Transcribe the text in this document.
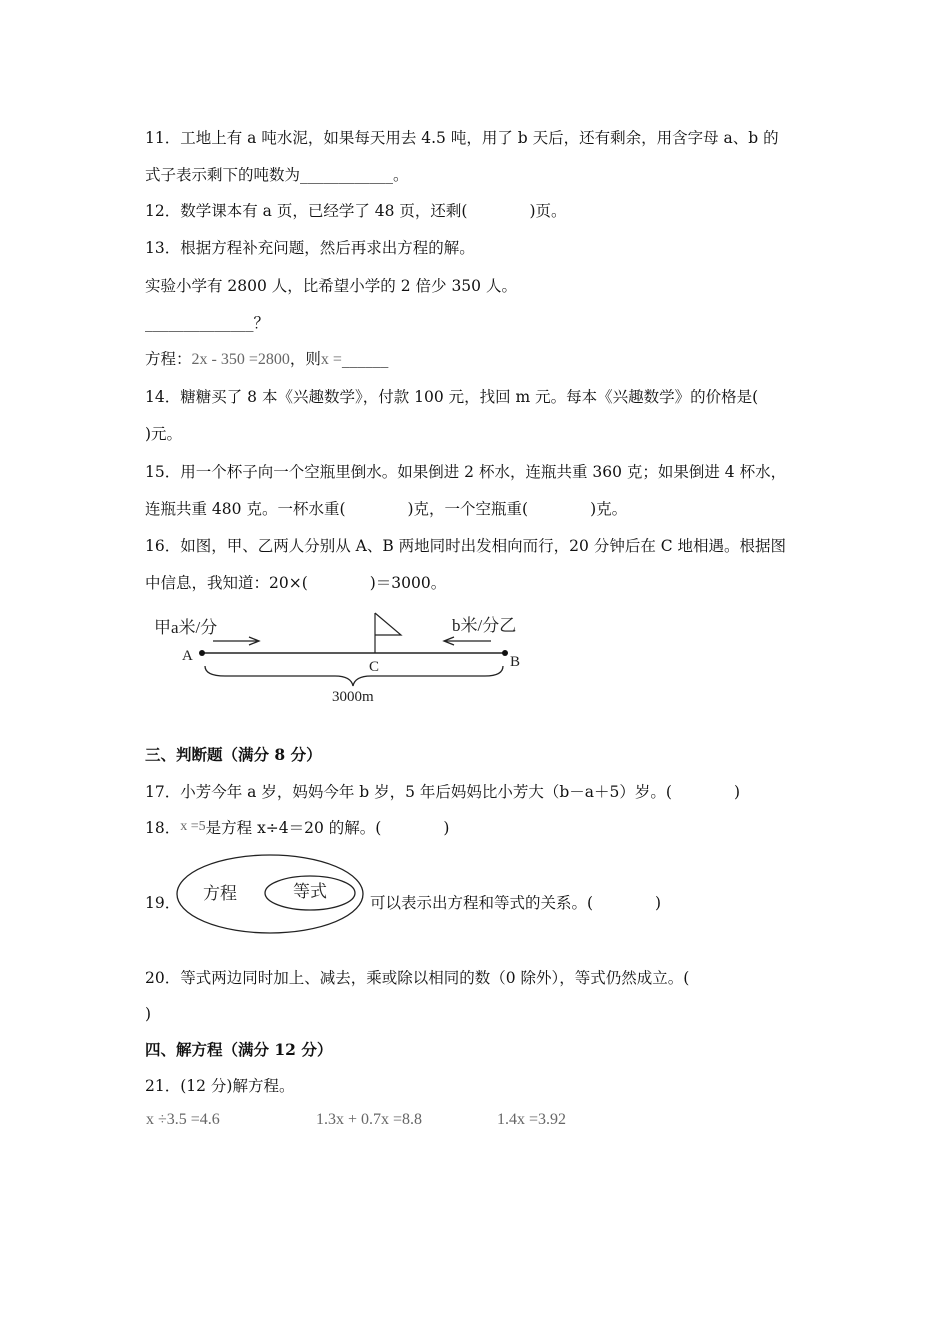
11．工地上有 a 吨水泥，如果每天用去 4.5 吨，用了 b 天后，还有剩余，用含字母 a、b 的
式子表示剩下的吨数为____________。
12．数学课本有 a 页，已经学了 48 页，还剩(　　　　)页。
13．根据方程补充问题，然后再求出方程的解。
实验小学有 2800 人，比希望小学的 2 倍少 350 人。
______________？
方程：2x - 350 =2800，则x =______
14．糖糖买了 8 本《兴趣数学》，付款 100 元，找回 m 元。每本《兴趣数学》的价格是(
)元。
15．用一个杯子向一个空瓶里倒水。如果倒进 2 杯水，连瓶共重 360 克；如果倒进 4 杯水，
连瓶共重 480 克。一杯水重(　　　　)克，一个空瓶重(　　　　)克。
16．如图，甲、乙两人分别从 A、B 两地同时出发相向而行，20 分钟后在 C 地相遇。根据图
中信息，我知道：20×(　　　　)＝3000。
甲a米/分	b米/分乙
A	B
C
3000m
三、判断题（满分 8 分）
17．小芳今年 a 岁，妈妈今年 b 岁，5 年后妈妈比小芳大（b－a＋5）岁。(　　　　)
18．x =5是方程 x÷4＝20 的解。(　　　　)
19． 方程	等式
可以表示出方程和等式的关系。(　　　　)
20．等式两边同时加上、减去，乘或除以相同的数（0 除外），等式仍然成立。(
)
四、解方程（满分 12 分）
21．(12 分)解方程。
x ÷3.5 =4.6	1.3x + 0.7x =8.8	1.4x =3.92
